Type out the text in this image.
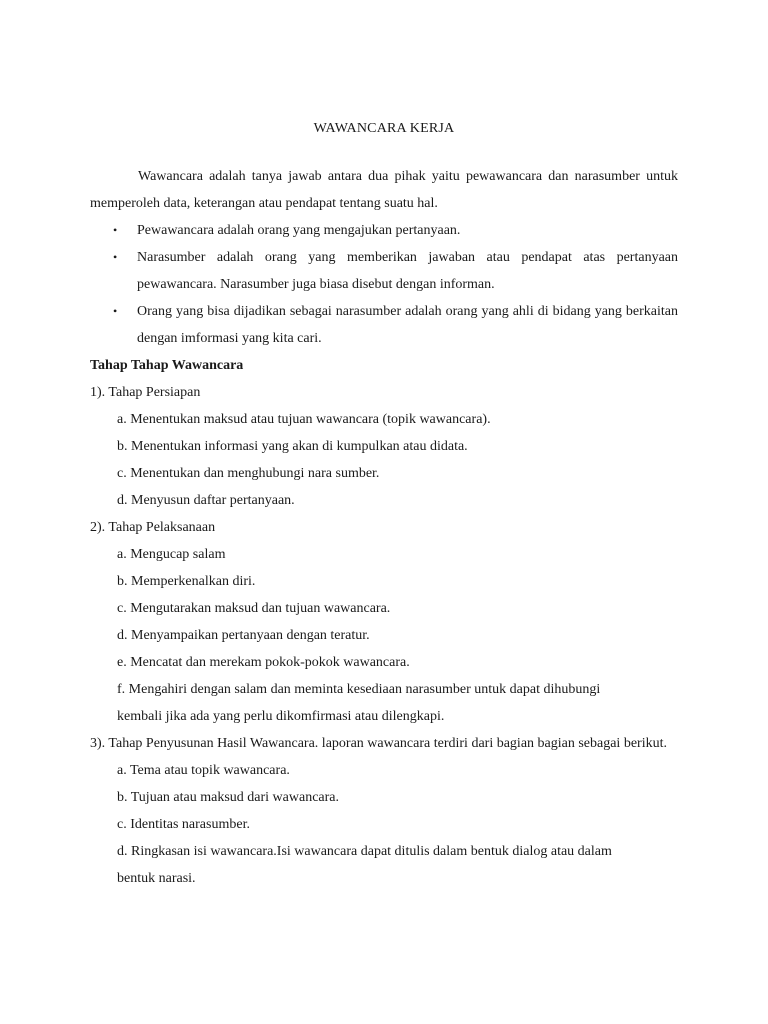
WAWANCARA KERJA

Wawancara adalah tanya jawab antara dua pihak yaitu pewawancara dan narasumber untuk memperoleh data, keterangan atau pendapat tentang suatu hal.

• Pewawancara adalah orang yang mengajukan pertanyaan.
• Narasumber adalah orang yang memberikan jawaban atau pendapat atas pertanyaan pewawancara. Narasumber juga biasa disebut dengan informan.
• Orang yang bisa dijadikan sebagai narasumber adalah orang yang ahli di bidang yang berkaitan dengan imformasi yang kita cari.

Tahap Tahap Wawancara

1). Tahap Persiapan

a. Menentukan maksud atau tujuan wawancara (topik wawancara).

b. Menentukan informasi yang akan di kumpulkan atau didata.

c. Menentukan dan menghubungi nara sumber.

d. Menyusun daftar pertanyaan.

2). Tahap Pelaksanaan

a. Mengucap salam

b. Memperkenalkan diri.

c. Mengutarakan maksud dan tujuan wawancara.

d. Menyampaikan pertanyaan dengan teratur.

e. Mencatat dan merekam pokok-pokok wawancara.

f. Mengahiri dengan salam dan meminta kesediaan narasumber untuk dapat dihubungi

kembali jika ada yang perlu dikomfirmasi atau dilengkapi.

3). Tahap Penyusunan Hasil Wawancara. laporan wawancara terdiri dari bagian bagian sebagai berikut.

a. Tema atau topik wawancara.

b. Tujuan atau maksud dari wawancara.

c. Identitas narasumber.

d. Ringkasan isi wawancara.Isi wawancara dapat ditulis dalam bentuk dialog atau dalam

bentuk narasi.
